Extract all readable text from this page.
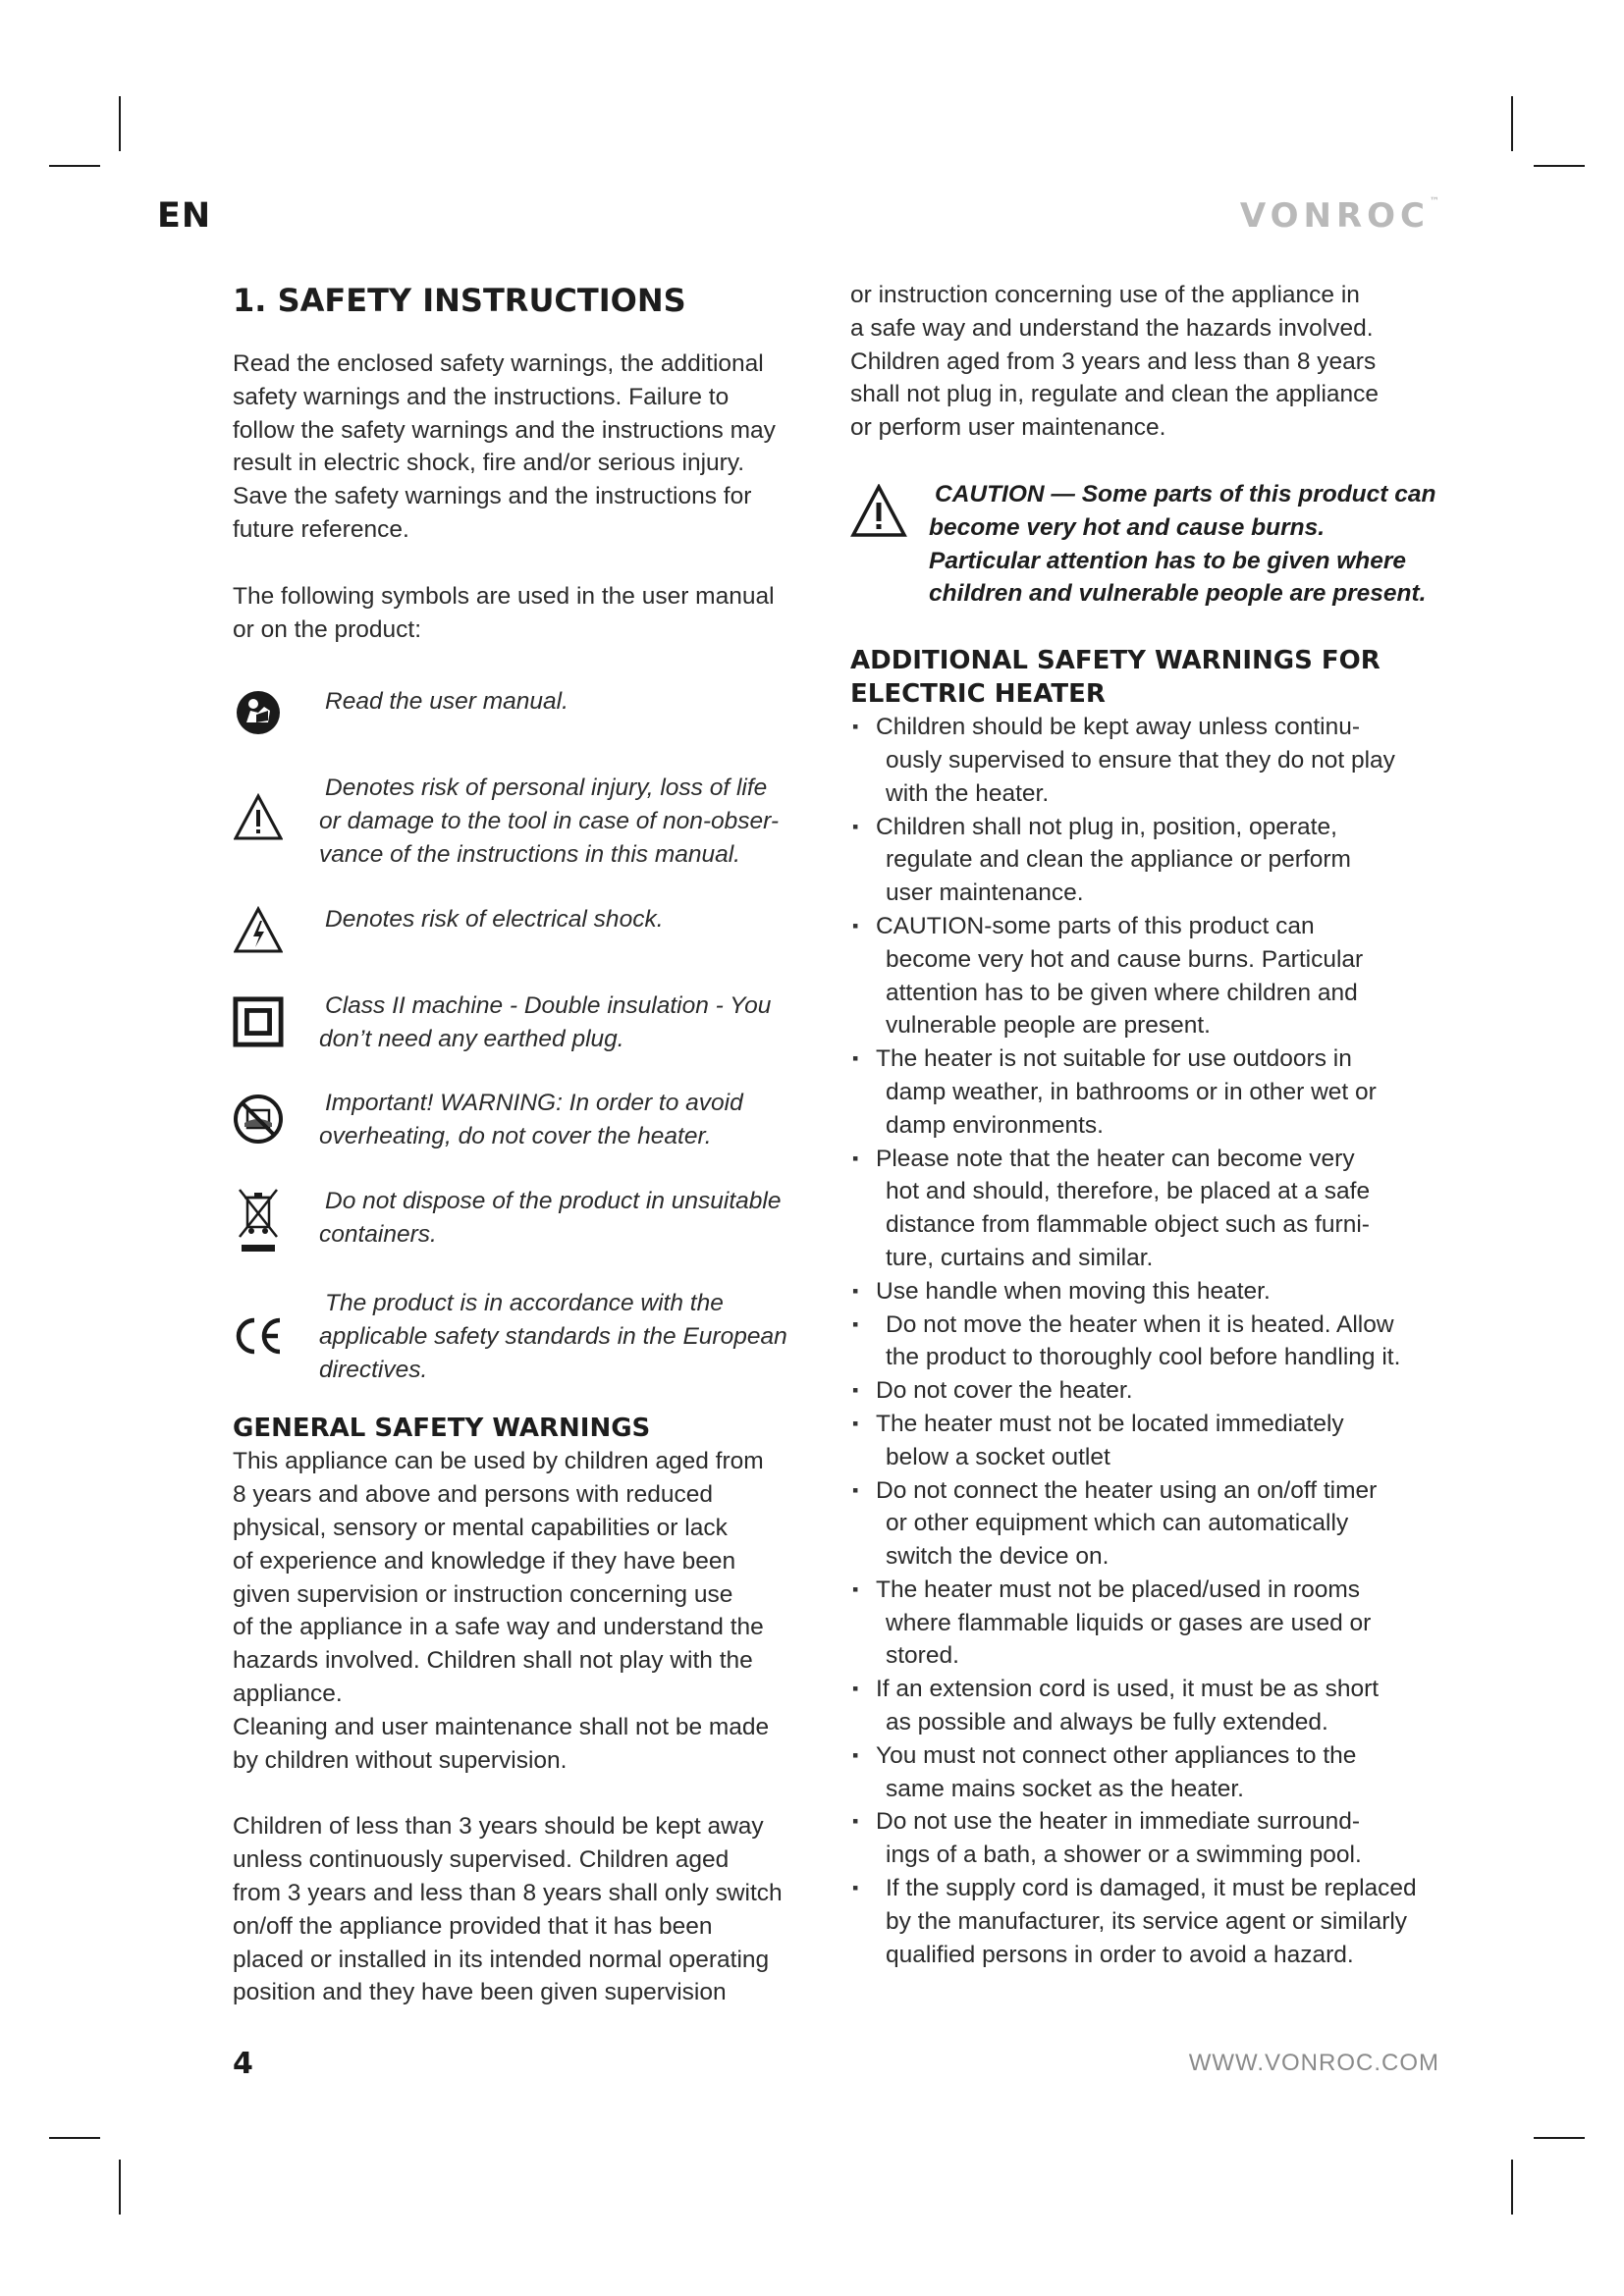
EN	VONROC™
1. SAFETY INSTRUCTIONS

Read the enclosed safety warnings, the additional

safety warnings and the instructions. Failure to

follow the safety warnings and the instructions may

result in electric shock, fire and/or serious injury.

Save the safety warnings and the instructions for

future reference.

The following symbols are used in the user manual

or on the product:

Read the user manual.

Denotes risk of personal injury, loss of life

or damage to the tool in case of non-obser-

vance of the instructions in this manual.

Denotes risk of electrical shock.

Class II machine - Double insulation - You

don’t need any earthed plug.

Important! WARNING: In order to avoid

overheating, do not cover the heater.

Do not dispose of the product in unsuitable

containers.

The product is in accordance with the

applicable safety standards in the European

directives.

GENERAL SAFETY WARNINGS

This appliance can be used by children aged from

8 years and above and persons with reduced

physical, sensory or mental capabilities or lack

of experience and knowledge if they have been

given supervision or instruction concerning use

of the appliance in a safe way and understand the

hazards involved. Children shall not play with the

appliance.

Cleaning and user maintenance shall not be made

by children without supervision.

Children of less than 3 years should be kept away

unless continuously supervised. Children aged

from 3 years and less than 8 years shall only switch

on/off the appliance provided that it has been

placed or installed in its intended normal operating

position and they have been given supervision

or instruction concerning use of the appliance in

a safe way and understand the hazards involved.

Children aged from 3 years and less than 8 years

shall not plug in, regulate and clean the appliance

or perform user maintenance.

CAUTION — Some parts of this product can

become very hot and cause burns.

Particular attention has to be given where

children and vulnerable people are present.

ADDITIONAL SAFETY WARNINGS FOR
ELECTRIC HEATER

▪ Children should be kept away unless continu-

ously supervised to ensure that they do not play

with the heater.

▪ Children shall not plug in, position, operate,

regulate and clean the appliance or perform

user maintenance.

▪ CAUTION-some parts of this product can

become very hot and cause burns. Particular

attention has to be given where children and

vulnerable people are present.

▪ The heater is not suitable for use outdoors in

damp weather, in bathrooms or in other wet or

damp environments.

▪ Please note that the heater can become very

hot and should, therefore, be placed at a safe

distance from flammable object such as furni-

ture, curtains and similar.

▪ Use handle when moving this heater.

▪ Do not move the heater when it is heated. Allow

the product to thoroughly cool before handling it.

▪ Do not cover the heater.

▪ The heater must not be located immediately

below a socket outlet

▪ Do not connect the heater using an on/off timer

or other equipment which can automatically

switch the device on.

▪ The heater must not be placed/used in rooms

where flammable liquids or gases are used or

stored.

▪ If an extension cord is used, it must be as short

as possible and always be fully extended.

▪ You must not connect other appliances to the

same mains socket as the heater.

▪ Do not use the heater in immediate surround-

ings of a bath, a shower or a swimming pool.

▪ If the supply cord is damaged, it must be replaced

by the manufacturer, its service agent or similarly

qualified persons in order to avoid a hazard.

4	WWW.VONROC.COM
